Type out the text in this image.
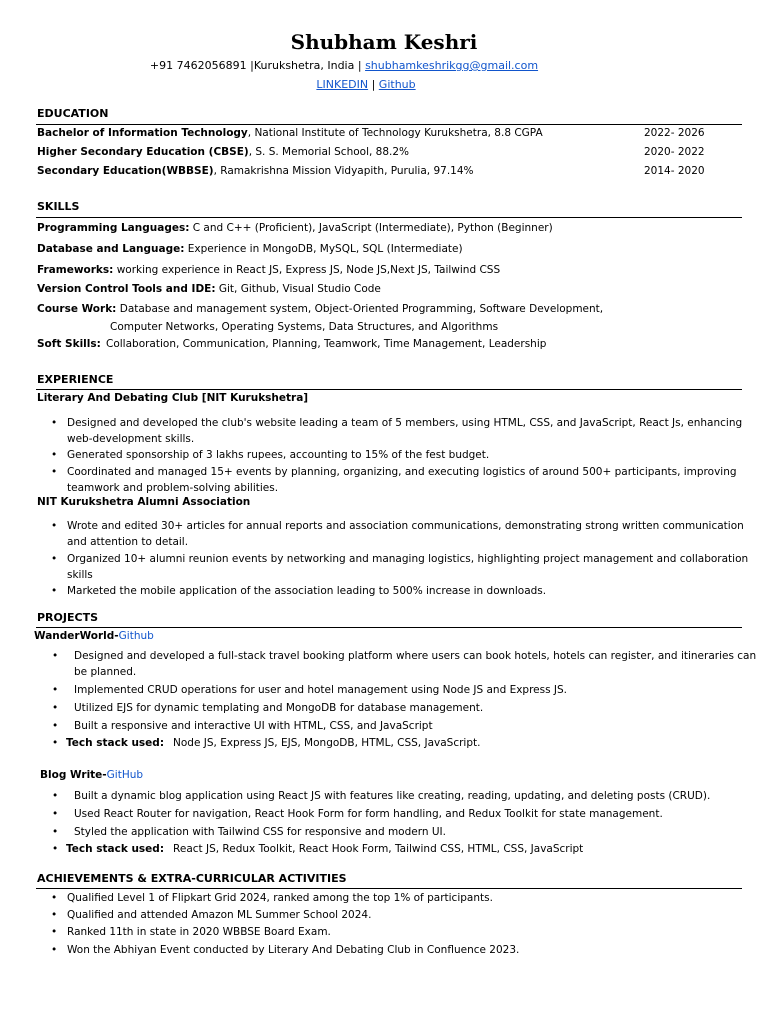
Shubham Keshri
+91 7462056891 |Kurukshetra, India | shubhamkeshrikgg@gmail.com
LINKEDIN | Github
EDUCATION
Bachelor of Information Technology, National Institute of Technology Kurukshetra, 8.8 CGPA	2022- 2026
Higher Secondary Education (CBSE), S. S. Memorial School, 88.2%	2020- 2022
Secondary Education(WBBSE), Ramakrishna Mission Vidyapith, Purulia, 97.14%	2014- 2020
SKILLS
Programming Languages: C and C++ (Proficient), JavaScript (Intermediate), Python (Beginner)
Database and Language: Experience in MongoDB, MySQL, SQL (Intermediate)
Frameworks: working experience in React JS, Express JS, Node JS,Next JS, Tailwind CSS
Version Control Tools and IDE: Git, Github, Visual Studio Code
Course Work: Database and management system, Object-Oriented Programming, Software Development,
Computer Networks, Operating Systems, Data Structures, and Algorithms
Soft Skills: Collaboration, Communication, Planning, Teamwork, Time Management, Leadership
EXPERIENCE
Literary And Debating Club [NIT Kurukshetra]
• Designed and developed the club's website leading a team of 5 members, using HTML, CSS, and JavaScript, React Js, enhancing
web-development skills.
• Generated sponsorship of 3 lakhs rupees, accounting to 15% of the fest budget.
• Coordinated and managed 15+ events by planning, organizing, and executing logistics of around 500+ participants, improving
teamwork and problem-solving abilities.
NIT Kurukshetra Alumni Association
• Wrote and edited 30+ articles for annual reports and association communications, demonstrating strong written communication
and attention to detail.
• Organized 10+ alumni reunion events by networking and managing logistics, highlighting project management and collaboration
skills
• Marketed the mobile application of the association leading to 500% increase in downloads.
PROJECTS
WanderWorld-Github
• Designed and developed a full-stack travel booking platform where users can book hotels, hotels can register, and itineraries can
be planned.
• Implemented CRUD operations for user and hotel management using Node JS and Express JS.
• Utilized EJS for dynamic templating and MongoDB for database management.
• Built a responsive and interactive UI with HTML, CSS, and JavaScript
• Tech stack used: Node JS, Express JS, EJS, MongoDB, HTML, CSS, JavaScript.
Blog Write-GitHub
• Built a dynamic blog application using React JS with features like creating, reading, updating, and deleting posts (CRUD).
• Used React Router for navigation, React Hook Form for form handling, and Redux Toolkit for state management.
• Styled the application with Tailwind CSS for responsive and modern UI.
• Tech stack used: React JS, Redux Toolkit, React Hook Form, Tailwind CSS, HTML, CSS, JavaScript
ACHIEVEMENTS & EXTRA-CURRICULAR ACTIVITIES
• Qualified Level 1 of Flipkart Grid 2024, ranked among the top 1% of participants.
• Qualified and attended Amazon ML Summer School 2024.
• Ranked 11th in state in 2020 WBBSE Board Exam.
• Won the Abhiyan Event conducted by Literary And Debating Club in Confluence 2023.
